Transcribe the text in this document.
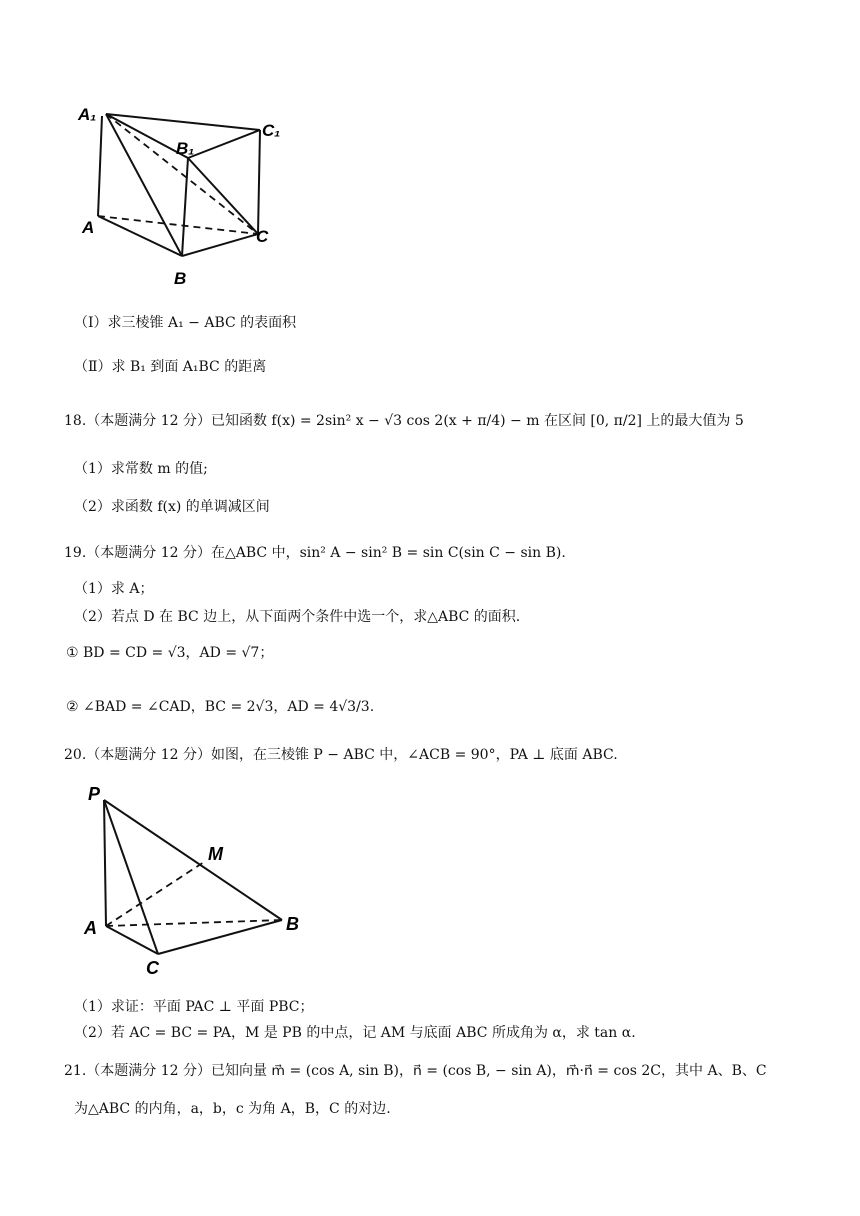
A₁
B₁
C₁
A
B
C
（Ⅰ）求三棱锥 A₁ − ABC 的表面积
（Ⅱ）求 B₁ 到面 A₁BC 的距离
18.（本题满分 12 分）已知函数 f(x) = 2sin² x − √3 cos 2(x + π/4) − m 在区间 [0, π/2] 上的最大值为 5
（1）求常数 m 的值;
（2）求函数 f(x) 的单调减区间
19.（本题满分 12 分）在△ABC 中，sin² A − sin² B = sin C(sin C − sin B).
（1）求 A；
（2）若点 D 在 BC 边上，从下面两个条件中选一个，求△ABC 的面积.
① BD = CD = √3，AD = √7；
② ∠BAD = ∠CAD，BC = 2√3，AD = 4√3/3.
20.（本题满分 12 分）如图，在三棱锥 P − ABC 中，∠ACB = 90°，PA ⊥ 底面 ABC.
P
M
A	B
C
（1）求证：平面 PAC ⊥ 平面 PBC；
（2）若 AC = BC = PA，M 是 PB 的中点，记 AM 与底面 ABC 所成角为 α，求 tan α.
21.（本题满分 12 分）已知向量 m⃗ = (cos A, sin B)，n⃗ = (cos B, − sin A)，m⃗·n⃗ = cos 2C，其中 A、B、C
为△ABC 的内角，a，b，c 为角 A，B，C 的对边.
